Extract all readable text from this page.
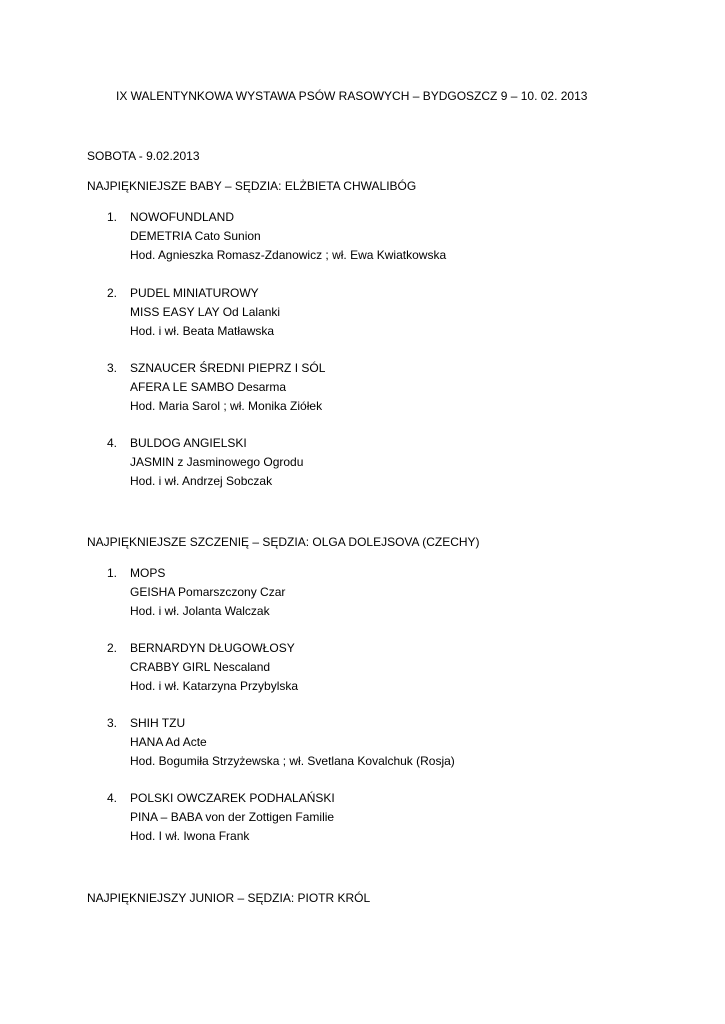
IX WALENTYNKOWA WYSTAWA PSÓW RASOWYCH – BYDGOSZCZ 9 – 10. 02. 2013
SOBOTA - 9.02.2013
NAJPIĘKNIEJSZE BABY – SĘDZIA: ELŻBIETA CHWALIBÓG
1. NOWOFUNDLAND
DEMETRIA Cato Sunion
Hod. Agnieszka Romasz-Zdanowicz ; wł. Ewa Kwiatkowska
2. PUDEL MINIATUROWY
MISS EASY LAY Od Lalanki
Hod. i wł. Beata Matławska
3. SZNAUCER ŚREDNI PIEPRZ I SÓL
AFERA LE SAMBO Desarma
Hod. Maria Sarol ; wł. Monika Ziółek
4. BULDOG ANGIELSKI
JASMIN z Jasminowego Ogrodu
Hod. i wł. Andrzej Sobczak
NAJPIĘKNIEJSZE SZCZENIĘ – SĘDZIA: OLGA DOLEJSOVA (CZECHY)
1. MOPS
GEISHA Pomarszczony Czar
Hod. i wł. Jolanta Walczak
2. BERNARDYN DŁUGOWŁOSY
CRABBY GIRL Nescaland
Hod. i wł. Katarzyna Przybylska
3. SHIH TZU
HANA Ad Acte
Hod. Bogumiła Strzyżewska ; wł. Svetlana Kovalchuk (Rosja)
4. POLSKI OWCZAREK PODHALAŃSKI
PINA – BABA von der Zottigen Familie
Hod. I wł. Iwona Frank
NAJPIĘKNIEJSZY JUNIOR – SĘDZIA: PIOTR KRÓL
